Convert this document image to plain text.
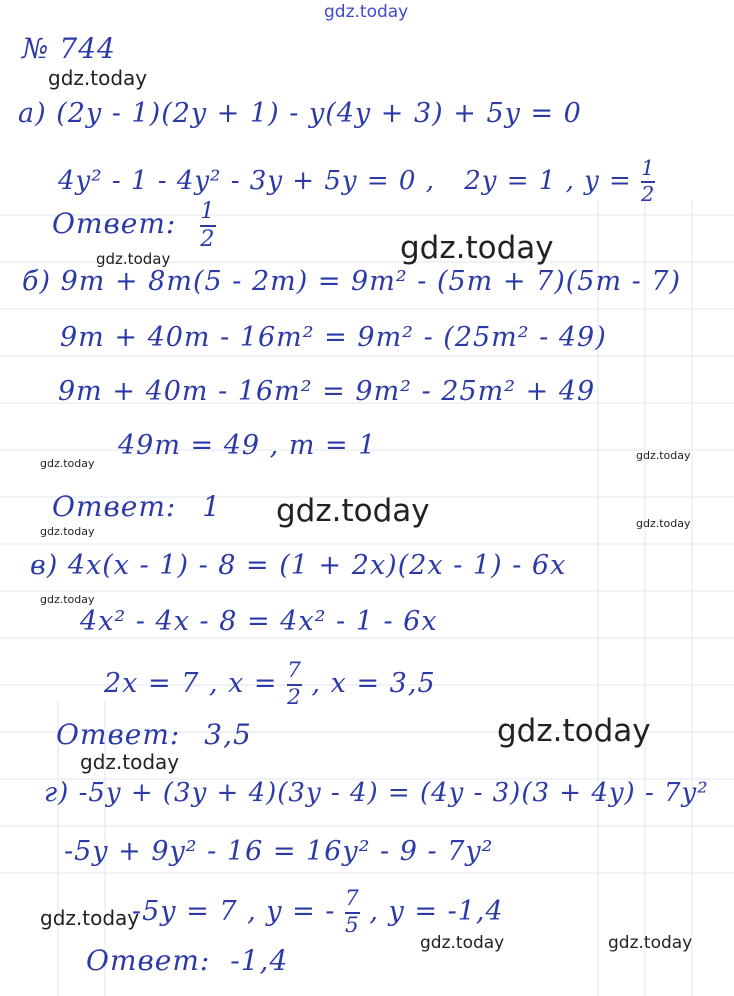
№ 744
а) (2y - 1)(2y + 1) - y(4y + 3) + 5y = 0
4y² - 1 - 4y² - 3y + 5y = 0 , 2y = 1 , $y = \frac{1}{2}$
Ответ: $\frac{1}{2}$
б) 9m + 8m(5 - 2m) = 9m² - (5m + 7)(5m - 7)
9m + 40m - 16m² = 9m² - (25m² - 49)
9m + 40m - 16m² = 9m² - 25m² + 49
49m = 49 , m = 1
Ответ: 1
в) 4x(x - 1) - 8 = (1 + 2x)(2x - 1) - 6x
4x² - 4x - 8 = 4x² - 1 - 6x
2x = 7 , $x = \frac{7}{2}$ , x = 3,5
Ответ: 3,5
г) -5y + (3y + 4)(3y - 4) = (4y - 3)(3 + 4y) - 7y²
-5y + 9y² - 16 = 16y² - 9 - 7y²
-5y = 7 , y = - $\frac{7}{5}$ , y = -1,4
Ответ: -1,4
gdz.today
gdz.today
gdz.today	gdz.today
gdz.today
gdz.today
gdz.today
gdz.today
gdz.today
gdz.today
gdz.today
gdz.today
gdz.today
gdz.today	gdz.today
